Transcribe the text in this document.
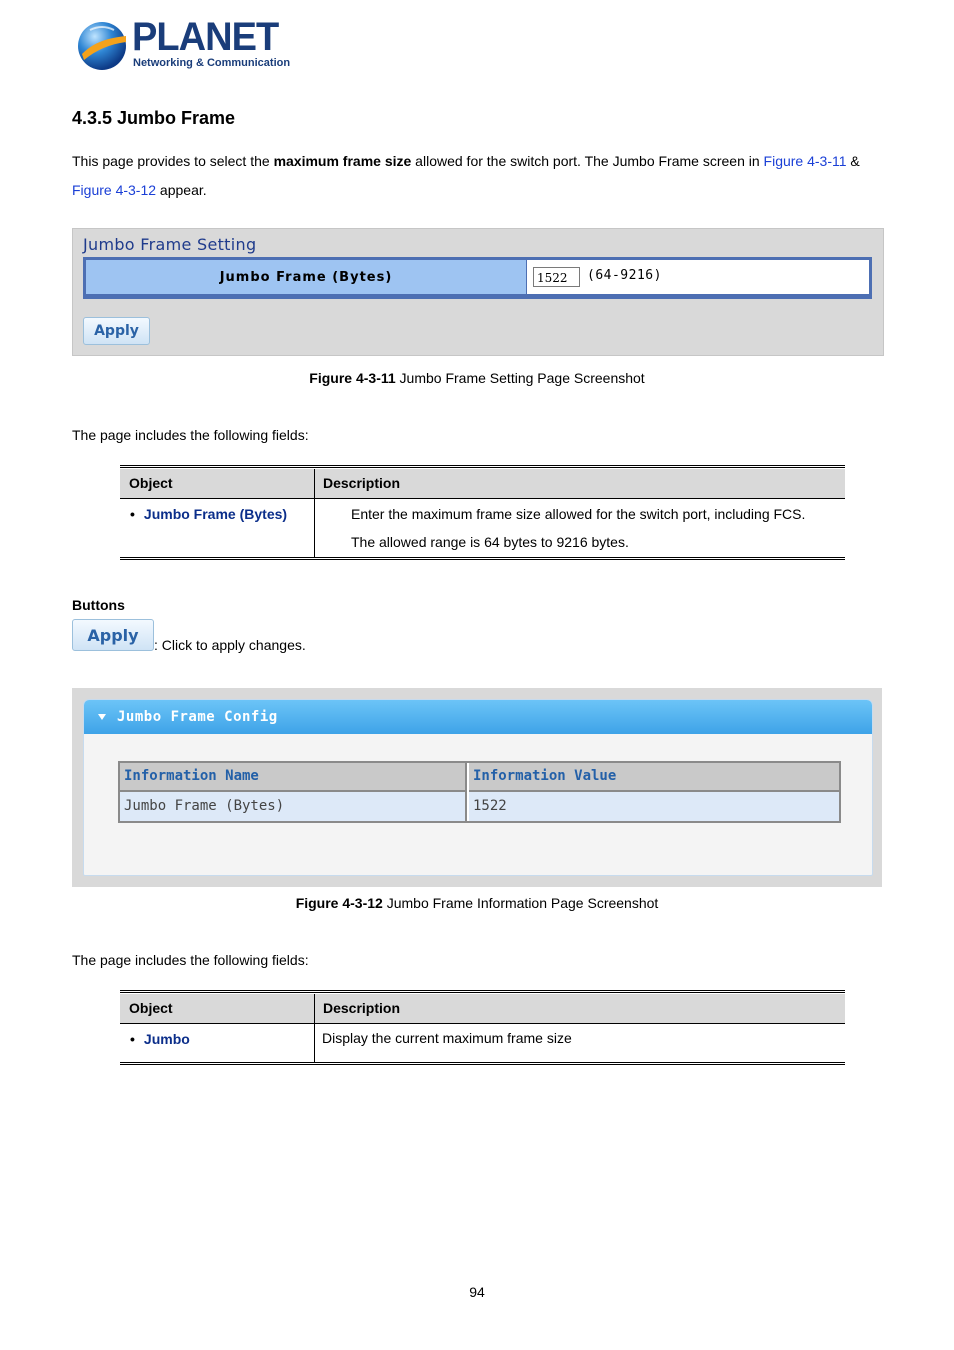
PLANET
Networking & Communication
4.3.5 Jumbo Frame
This page provides to select the maximum frame size allowed for the switch port. The Jumbo Frame screen in Figure 4-3-11 &
Figure 4-3-12 appear.
Jumbo Frame Setting
Jumbo Frame (Bytes)	1522	(64-9216)
Apply
Figure 4-3-11 Jumbo Frame Setting Page Screenshot
The page includes the following fields:
Object	Description
• Jumbo Frame (Bytes)	Enter the maximum frame size allowed for the switch port, including FCS.
The allowed range is 64 bytes to 9216 bytes.
Buttons
Apply
: Click to apply changes.
Jumbo Frame Config
Information Name	Information Value
Jumbo Frame (Bytes)	1522
Figure 4-3-12 Jumbo Frame Information Page Screenshot
The page includes the following fields:
Object	Description
• Jumbo	Display the current maximum frame size
94
